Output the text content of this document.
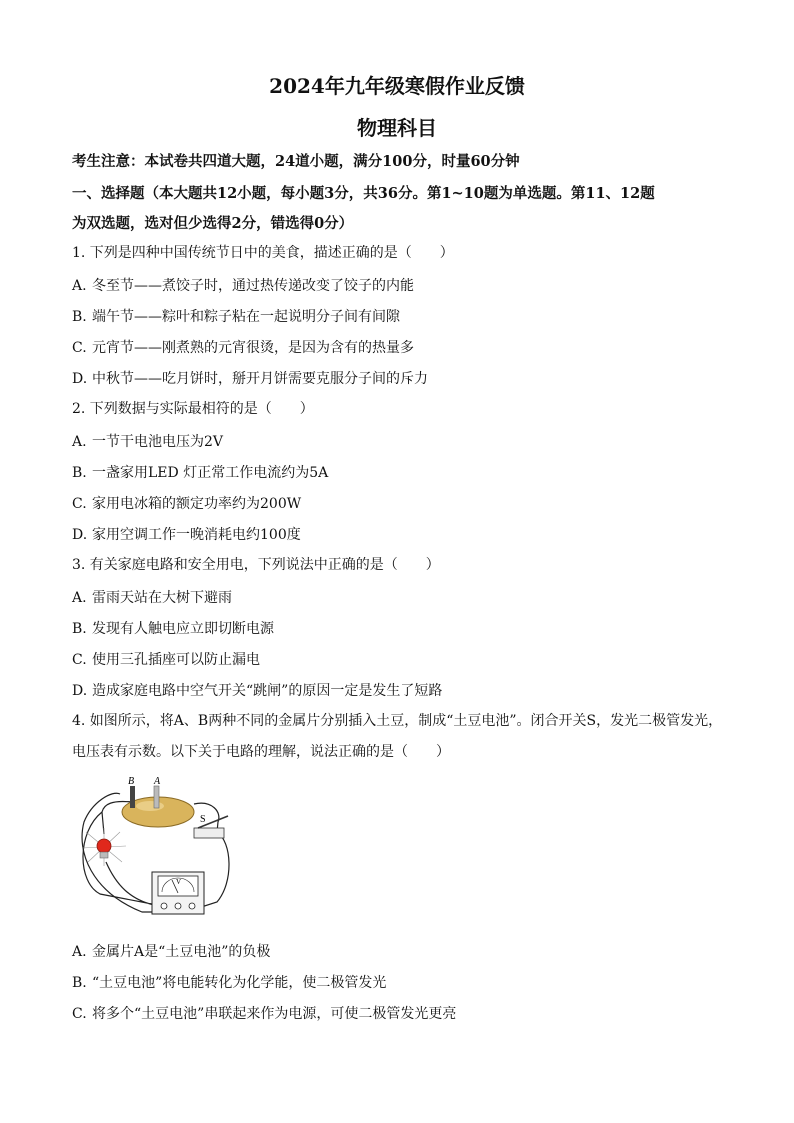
2024年九年级寒假作业反馈
物理科目
考生注意：本试卷共四道大题，24道小题，满分100分，时量60分钟
一、选择题（本大题共12小题，每小题3分，共36分。第1~10题为单选题。第11、12题
为双选题，选对但少选得2分，错选得0分）
1. 下列是四种中国传统节日中的美食，描述正确的是（　　）
A. 冬至节——煮饺子时，通过热传递改变了饺子的内能
B. 端午节——粽叶和粽子粘在一起说明分子间有间隙
C. 元宵节——刚煮熟的元宵很烫，是因为含有的热量多
D. 中秋节——吃月饼时，掰开月饼需要克服分子间的斥力
2. 下列数据与实际最相符的是（　　）
A. 一节干电池电压为2V
B. 一盏家用LED 灯正常工作电流约为5A
C. 家用电冰箱的额定功率约为200W
D. 家用空调工作一晚消耗电约100度
3. 有关家庭电路和安全用电，下列说法中正确的是（　　）
A. 雷雨天站在大树下避雨
B. 发现有人触电应立即切断电源
C. 使用三孔插座可以防止漏电
D. 造成家庭电路中空气开关“跳闸”的原因一定是发生了短路
4. 如图所示，将A、B两种不同的金属片分别插入土豆，制成“土豆电池”。闭合开关S，发光二极管发光，
电压表有示数。以下关于电路的理解，说法正确的是（　　）
B A
S
V
A. 金属片A是“土豆电池”的负极
B. “土豆电池”将电能转化为化学能，使二极管发光
C. 将多个“土豆电池”串联起来作为电源，可使二极管发光更亮
